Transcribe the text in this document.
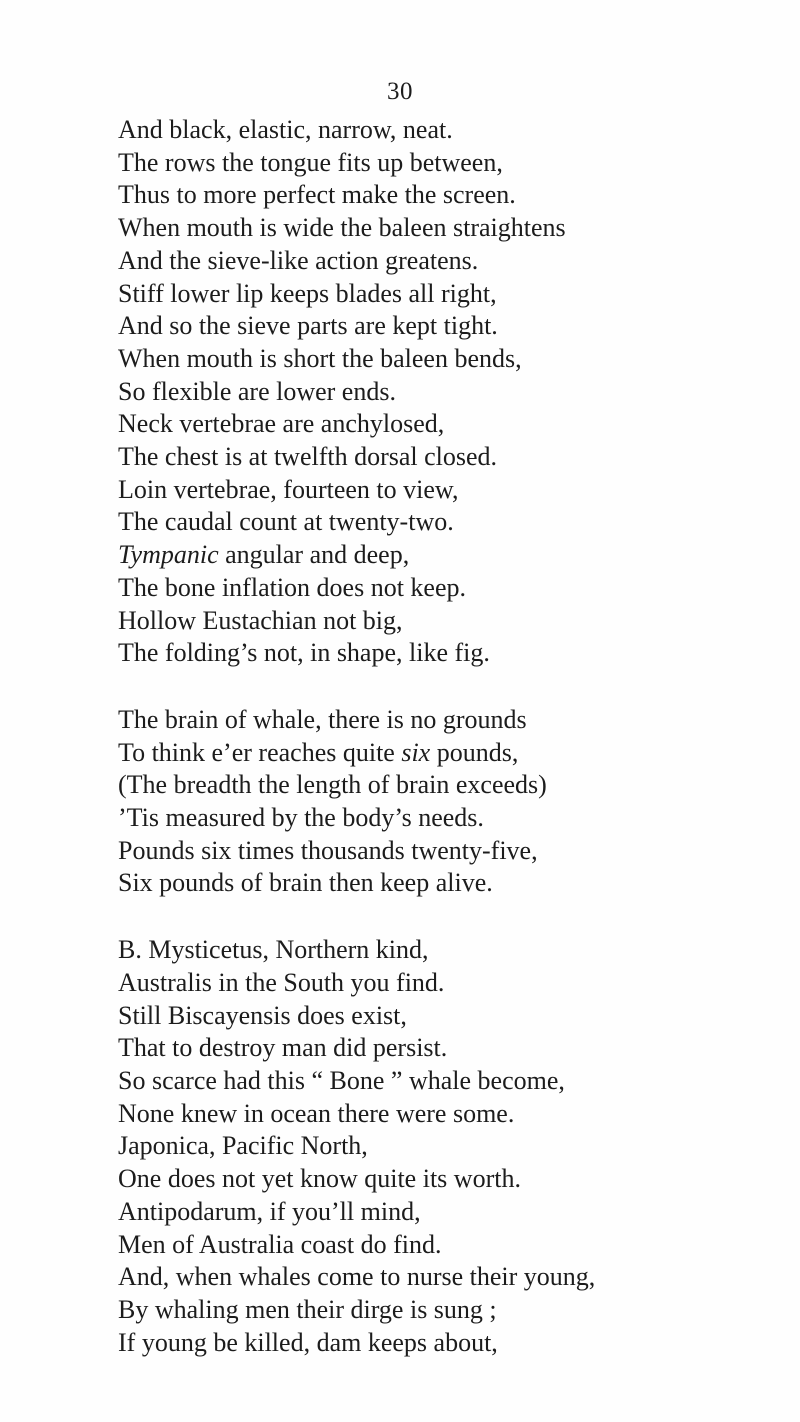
30
And black, elastic, narrow, neat.
The rows the tongue fits up between,
Thus to more perfect make the screen.
When mouth is wide the baleen straightens
And the sieve-like action greatens.
Stiff lower lip keeps blades all right,
And so the sieve parts are kept tight.
When mouth is short the baleen bends,
So flexible are lower ends.
Neck vertebrae are anchylosed,
The chest is at twelfth dorsal closed.
Loin vertebrae, fourteen to view,
The caudal count at twenty-two.
Tympanic angular and deep,
The bone inflation does not keep.
Hollow Eustachian not big,
The folding’s not, in shape, like fig.
The brain of whale, there is no grounds
To think e’er reaches quite six pounds,
(The breadth the length of brain exceeds)
’Tis measured by the body’s needs.
Pounds six times thousands twenty-five,
Six pounds of brain then keep alive.
B. Mysticetus, Northern kind,
Australis in the South you find.
Still Biscayensis does exist,
That to destroy man did persist.
So scarce had this “ Bone ” whale become,
None knew in ocean there were some.
Japonica, Pacific North,
One does not yet know quite its worth.
Antipodarum, if you’ll mind,
Men of Australia coast do find.
And, when whales come to nurse their young,
By whaling men their dirge is sung ;
If young be killed, dam keeps about,
